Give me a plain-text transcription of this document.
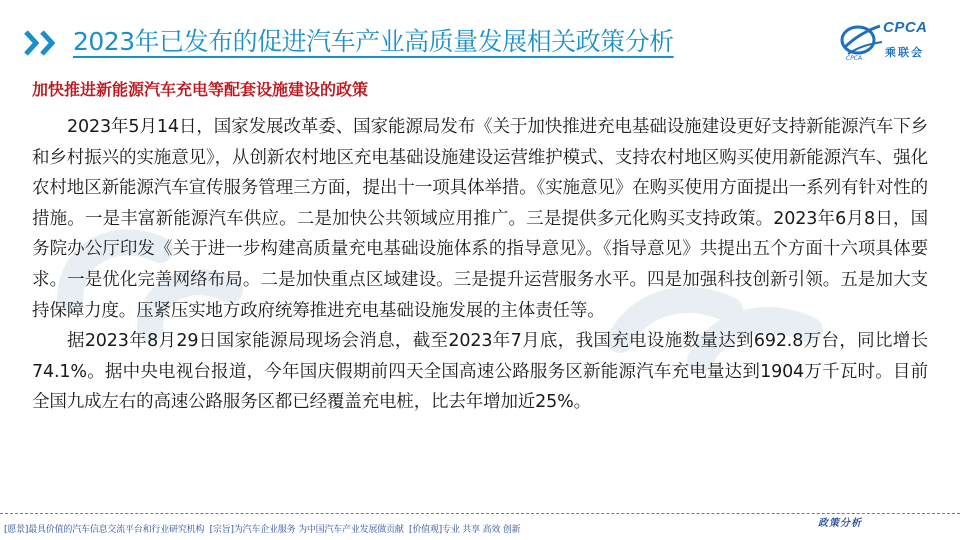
2023年已发布的促进汽车产业高质量发展相关政策分析	CPCA
乘联会
CPCA
加快推进新能源汽车充电等配套设施建设的政策

2023年5月14日，国家发展改革委、国家能源局发布《关于加快推进充电基础设施建设更好支持新能源汽车下乡和乡村振兴的实施意见》，从创新农村地区充电基础设施建设运营维护模式、支持农村地区购买使用新能源汽车、强化农村地区新能源汽车宣传服务管理三方面，提出十一项具体举措。《实施意见》在购买使用方面提出一系列有针对性的措施。一是丰富新能源汽车供应。二是加快公共领域应用推广。三是提供多元化购买支持政策。2023年6月8日，国务院办公厅印发《关于进一步构建高质量充电基础设施体系的指导意见》。《指导意见》共提出五个方面十六项具体要求。一是优化完善网络布局。二是加快重点区域建设。三是提升运营服务水平。四是加强科技创新引领。五是加大支持保障力度。压紧压实地方政府统筹推进充电基础设施发展的主体责任等。

据2023年8月29日国家能源局现场会消息，截至2023年7月底，我国充电设施数量达到692.8万台，同比增长74.1%。据中央电视台报道，今年国庆假期前四天全国高速公路服务区新能源汽车充电量达到1904万千瓦时。目前全国九成左右的高速公路服务区都已经覆盖充电桩，比去年增加近25%。

[愿景]最具价值的汽车信息交流平台和行业研究机构 [宗旨]为汽车企业服务 为中国汽车产业发展做贡献 [价值观]专业 共享 高效 创新
政策分析
